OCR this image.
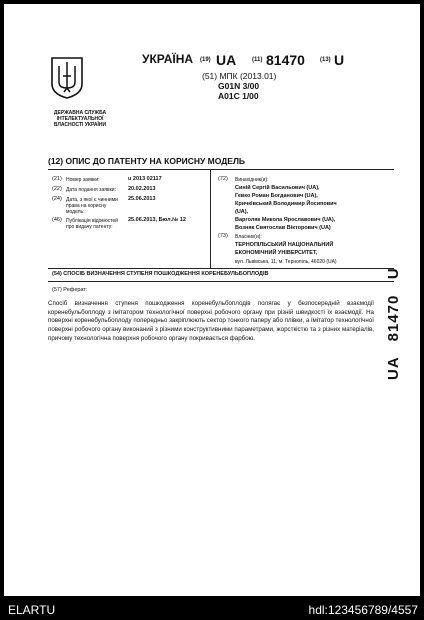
УКРАЇНА (19) UA	(11) 81470	(13) U
(51) МПК (2013.01)
G01N 3/00
A01C 1/00
ДЕРЖАВНА СЛУЖБА ІНТЕЛЕКТУАЛЬНОЇ ВЛАСНОСТІ УКРАЇНИ
(12) ОПИС ДО ПАТЕНТУ НА КОРИСНУ МОДЕЛЬ
(21) Номер заявки:	u 2013 02117
(22) Дата подання заявки: 20.02.2013
(24) Дата, з якої є чинними права на корисну модель:
25.06.2013
(46) Публікація відомостей про видачу патенту:
25.06.2013, Бюл.№ 12
(72) Винахідник(и):
Синій Сергій Васильович (UA),
Гевко Роман Богданович (UA),
Кричківський Володимир Йосипович
(UA),
Варголяк Микола Ярославович (UA),
Возняк Святослав Вікторович (UA)
(73) Власник(и):
ТЕРНОПІЛЬСЬКИЙ НАЦІОНАЛЬНИЙ
ЕКОНОМІЧНИЙ УНІВЕРСИТЕТ,
вул. Львівська, 11, м. Тернопіль, 46020 (UA)
(54) СПОСІБ ВИЗНАЧЕННЯ СТУПЕНЯ ПОШКОДЖЕННЯ КОРЕНЕБУЛЬБОПЛОДІВ
(57) Реферат:
Спосіб визначення ступеня пошкодження коренебульбоплодів полягає у безпосередній взаємодії коренебульбоплоду з імітатором технологічної поверхні робочого органу при різній швидкості їх взаємодії. На поверхні коренебульбоплоду попередньо закріплюють сектор тонкого паперу або плівки, а імітатор технологічної поверхні робочого органу виконаний з різними конструктивними параметрами, жорсткістю та з різних матеріалів, причому технологічна поверхня робочого органу покривається фарбою.	UA   81470   U
ELARTU	hdl:123456789/4557
